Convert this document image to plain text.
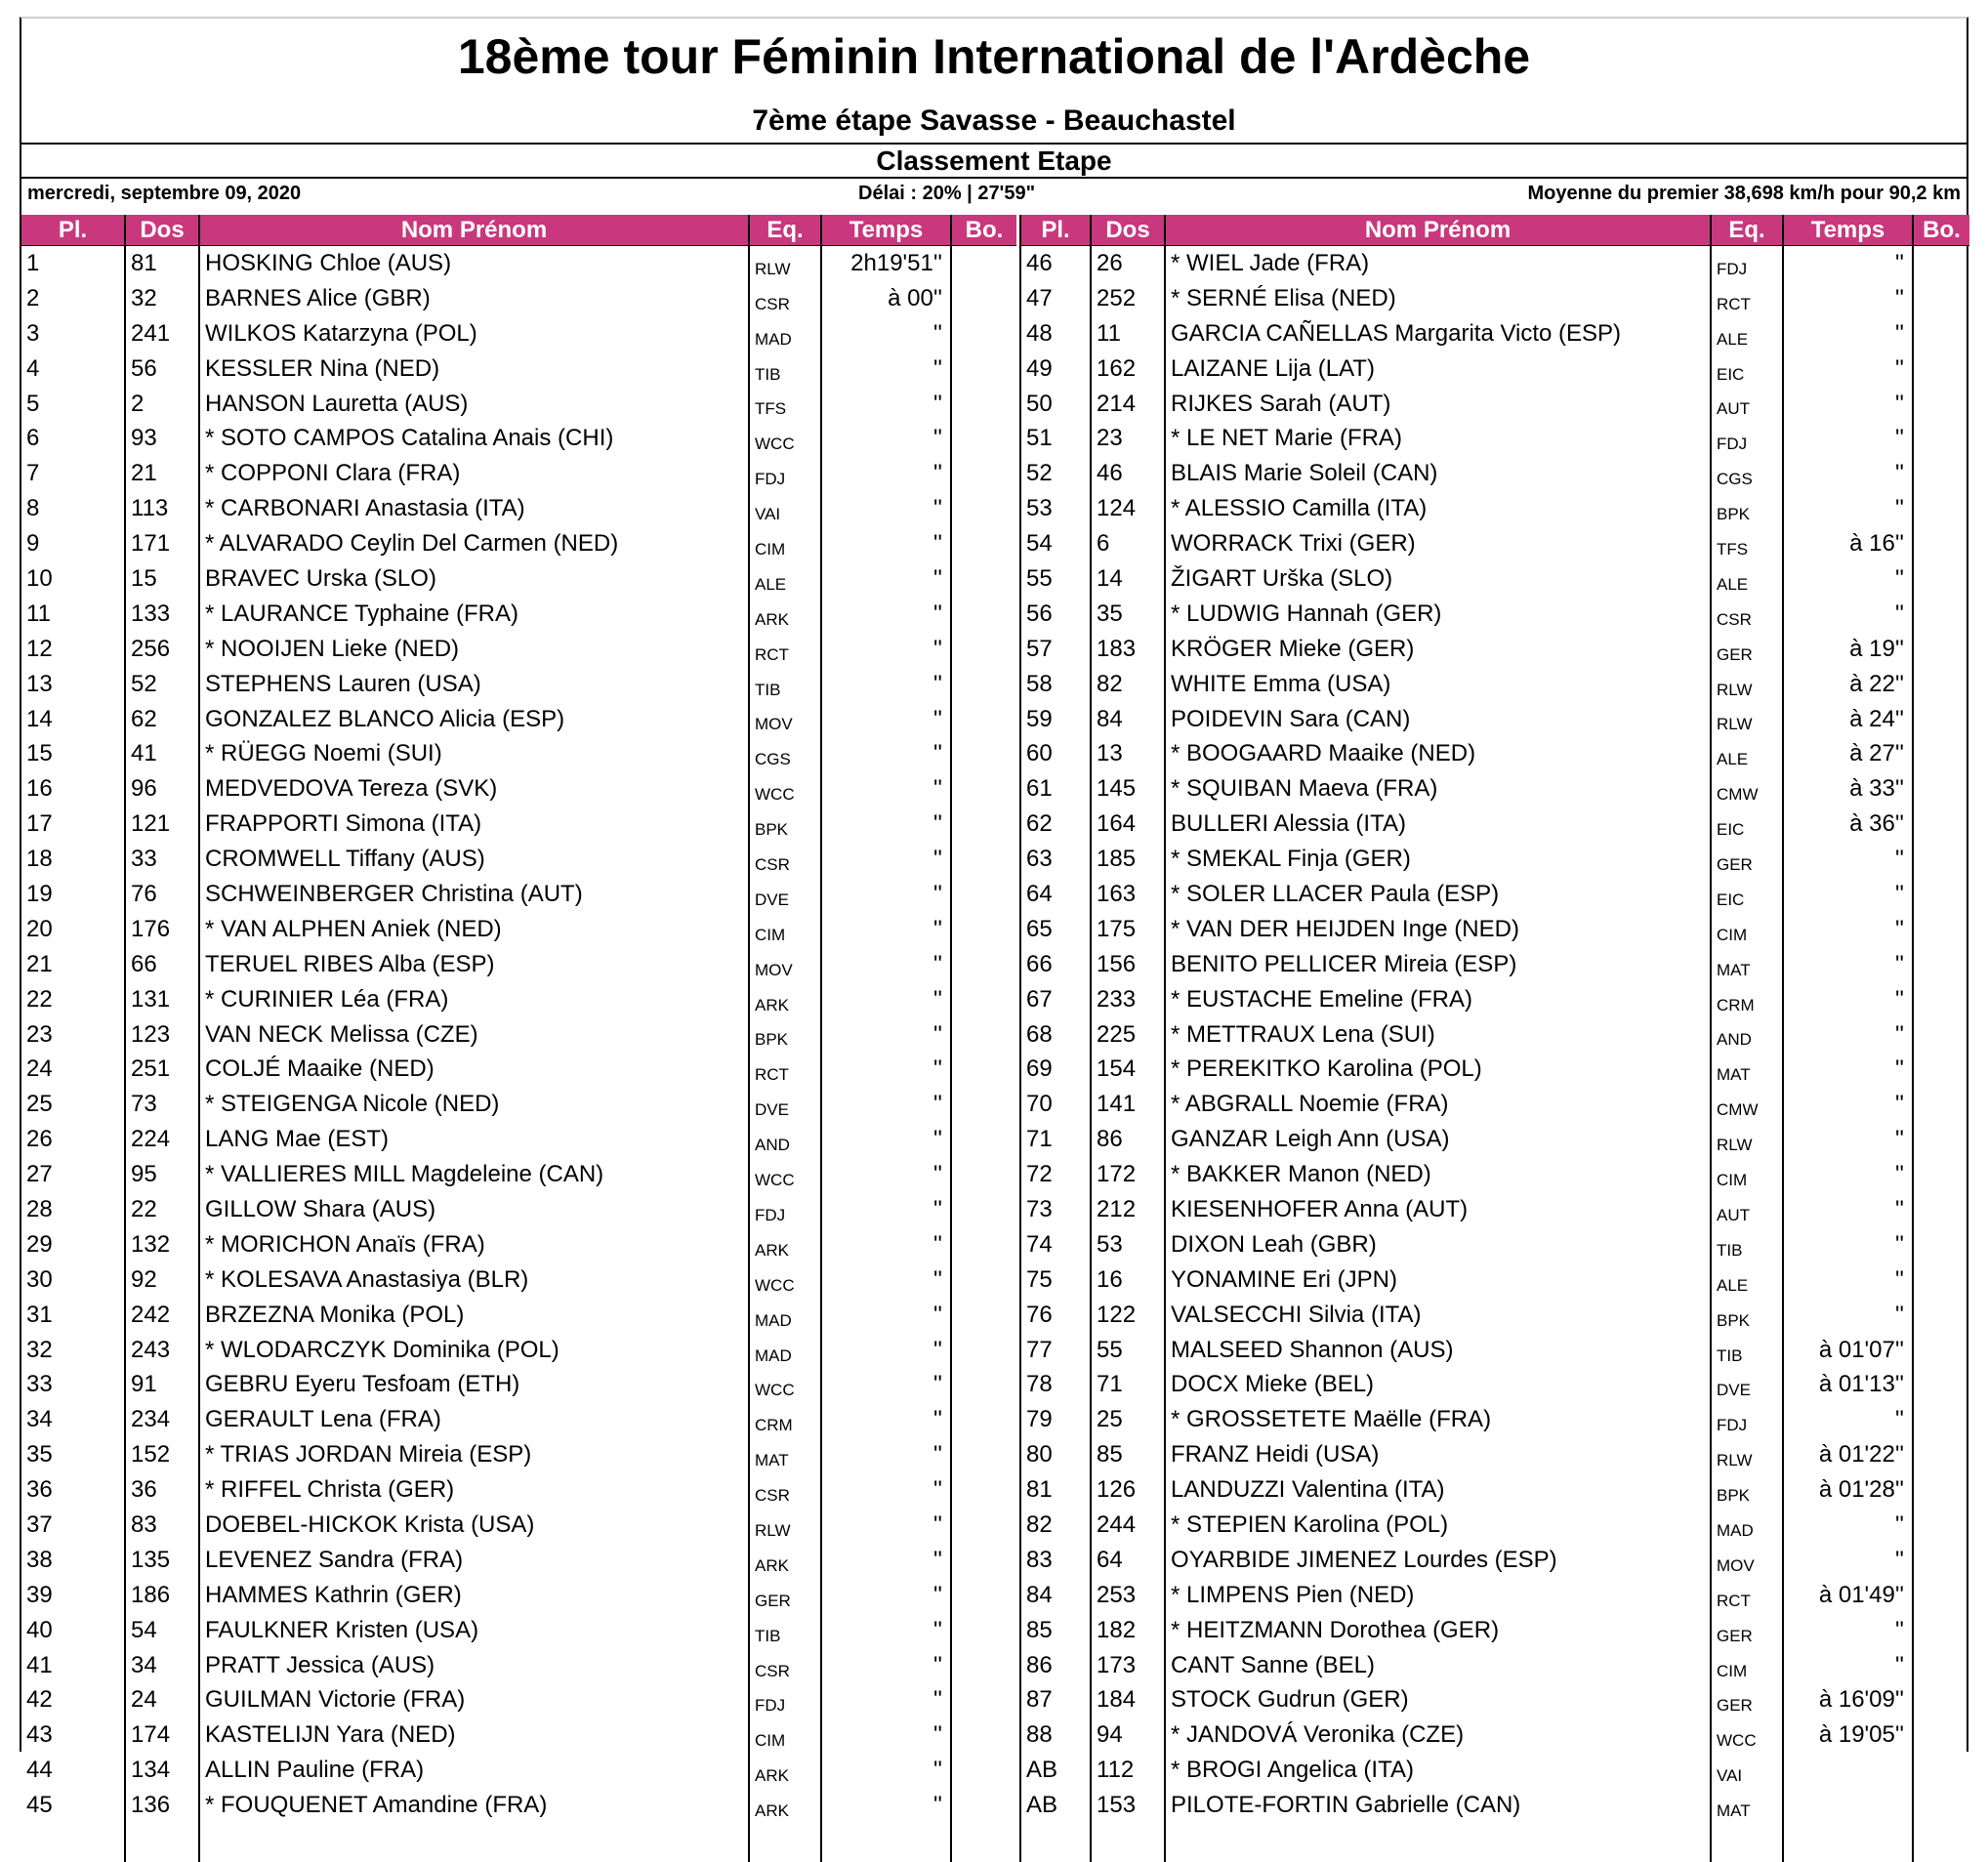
18ème tour Féminin International de l'Ardèche
7ème étape Savasse - Beauchastel
Classement Etape
mercredi, septembre 09, 2020	Délai : 20% | 27'59"	Moyenne du premier 38,698 km/h pour 90,2 km
Pl.	Dos	Nom Prénom	Eq.	Temps	Bo.
1	81	HOSKING Chloe (AUS)	RLW	2h19'51''	
2	32	BARNES Alice (GBR)	CSR	à 00''	
3	241	WILKOS Katarzyna (POL)	MAD	''	
4	56	KESSLER Nina (NED)	TIB	''	
5	2	HANSON Lauretta (AUS)	TFS	''	
6	93	* SOTO CAMPOS Catalina Anais (CHI)	WCC	''	
7	21	* COPPONI Clara (FRA)	FDJ	''	
8	113	* CARBONARI Anastasia (ITA)	VAI	''	
9	171	* ALVARADO Ceylin Del Carmen (NED)	CIM	''	
10	15	BRAVEC Urska (SLO)	ALE	''	
11	133	* LAURANCE Typhaine (FRA)	ARK	''	
12	256	* NOOIJEN Lieke (NED)	RCT	''	
13	52	STEPHENS Lauren (USA)	TIB	''	
14	62	GONZALEZ BLANCO Alicia (ESP)	MOV	''	
15	41	* RÜEGG Noemi (SUI)	CGS	''	
16	96	MEDVEDOVA Tereza (SVK)	WCC	''	
17	121	FRAPPORTI Simona (ITA)	BPK	''	
18	33	CROMWELL Tiffany (AUS)	CSR	''	
19	76	SCHWEINBERGER Christina (AUT)	DVE	''	
20	176	* VAN ALPHEN Aniek (NED)	CIM	''	
21	66	TERUEL RIBES Alba (ESP)	MOV	''	
22	131	* CURINIER Léa (FRA)	ARK	''	
23	123	VAN NECK Melissa (CZE)	BPK	''	
24	251	COLJÉ Maaike (NED)	RCT	''	
25	73	* STEIGENGA Nicole (NED)	DVE	''	
26	224	LANG Mae (EST)	AND	''	
27	95	* VALLIERES MILL Magdeleine (CAN)	WCC	''	
28	22	GILLOW Shara (AUS)	FDJ	''	
29	132	* MORICHON Anaïs (FRA)	ARK	''	
30	92	* KOLESAVA Anastasiya (BLR)	WCC	''	
31	242	BRZEZNA Monika (POL)	MAD	''	
32	243	* WLODARCZYK Dominika (POL)	MAD	''	
33	91	GEBRU Eyeru Tesfoam (ETH)	WCC	''	
34	234	GERAULT Lena (FRA)	CRM	''	
35	152	* TRIAS JORDAN Mireia (ESP)	MAT	''	
36	36	* RIFFEL Christa (GER)	CSR	''	
37	83	DOEBEL-HICKOK Krista (USA)	RLW	''	
38	135	LEVENEZ Sandra (FRA)	ARK	''	
39	186	HAMMES Kathrin (GER)	GER	''	
40	54	FAULKNER Kristen (USA)	TIB	''	
41	34	PRATT Jessica (AUS)	CSR	''	
42	24	GUILMAN Victorie (FRA)	FDJ	''	
43	174	KASTELIJN Yara (NED)	CIM	''	
44	134	ALLIN Pauline (FRA)	ARK	''	
45	136	* FOUQUENET Amandine (FRA)	ARK	''	

Pl.	Dos	Nom Prénom	Eq.	Temps	Bo.
46	26	* WIEL Jade (FRA)	FDJ	''	
47	252	* SERNÉ Elisa (NED)	RCT	''	
48	11	GARCIA CAÑELLAS Margarita Victo (ESP)	ALE	''	
49	162	LAIZANE Lija (LAT)	EIC	''	
50	214	RIJKES Sarah (AUT)	AUT	''	
51	23	* LE NET Marie (FRA)	FDJ	''	
52	46	BLAIS Marie Soleil (CAN)	CGS	''	
53	124	* ALESSIO Camilla (ITA)	BPK	''	
54	6	WORRACK Trixi (GER)	TFS	à 16''	
55	14	ŽIGART Urška (SLO)	ALE	''	
56	35	* LUDWIG Hannah (GER)	CSR	''	
57	183	KRÖGER Mieke (GER)	GER	à 19''	
58	82	WHITE Emma (USA)	RLW	à 22''	
59	84	POIDEVIN Sara (CAN)	RLW	à 24''	
60	13	* BOOGAARD Maaike (NED)	ALE	à 27''	
61	145	* SQUIBAN Maeva (FRA)	CMW	à 33''	
62	164	BULLERI Alessia (ITA)	EIC	à 36''	
63	185	* SMEKAL Finja (GER)	GER	''	
64	163	* SOLER LLACER Paula (ESP)	EIC	''	
65	175	* VAN DER HEIJDEN Inge (NED)	CIM	''	
66	156	BENITO PELLICER Mireia (ESP)	MAT	''	
67	233	* EUSTACHE Emeline (FRA)	CRM	''	
68	225	* METTRAUX Lena (SUI)	AND	''	
69	154	* PEREKITKO Karolina (POL)	MAT	''	
70	141	* ABGRALL Noemie (FRA)	CMW	''	
71	86	GANZAR Leigh Ann (USA)	RLW	''	
72	172	* BAKKER Manon (NED)	CIM	''	
73	212	KIESENHOFER Anna (AUT)	AUT	''	
74	53	DIXON Leah (GBR)	TIB	''	
75	16	YONAMINE Eri (JPN)	ALE	''	
76	122	VALSECCHI Silvia (ITA)	BPK	''	
77	55	MALSEED Shannon (AUS)	TIB	à 01'07''	
78	71	DOCX Mieke (BEL)	DVE	à 01'13''	
79	25	* GROSSETETE Maëlle (FRA)	FDJ	''	
80	85	FRANZ Heidi (USA)	RLW	à 01'22''	
81	126	LANDUZZI Valentina (ITA)	BPK	à 01'28''	
82	244	* STEPIEN Karolina (POL)	MAD	''	
83	64	OYARBIDE JIMENEZ Lourdes (ESP)	MOV	''	
84	253	* LIMPENS Pien (NED)	RCT	à 01'49''	
85	182	* HEITZMANN Dorothea (GER)	GER	''	
86	173	CANT Sanne (BEL)	CIM	''	
87	184	STOCK Gudrun (GER)	GER	à 16'09''	
88	94	* JANDOVÁ Veronika (CZE)	WCC	à 19'05''	
AB	112	* BROGI Angelica (ITA)	VAI		
AB	153	PILOTE-FORTIN Gabrielle (CAN)	MAT		
